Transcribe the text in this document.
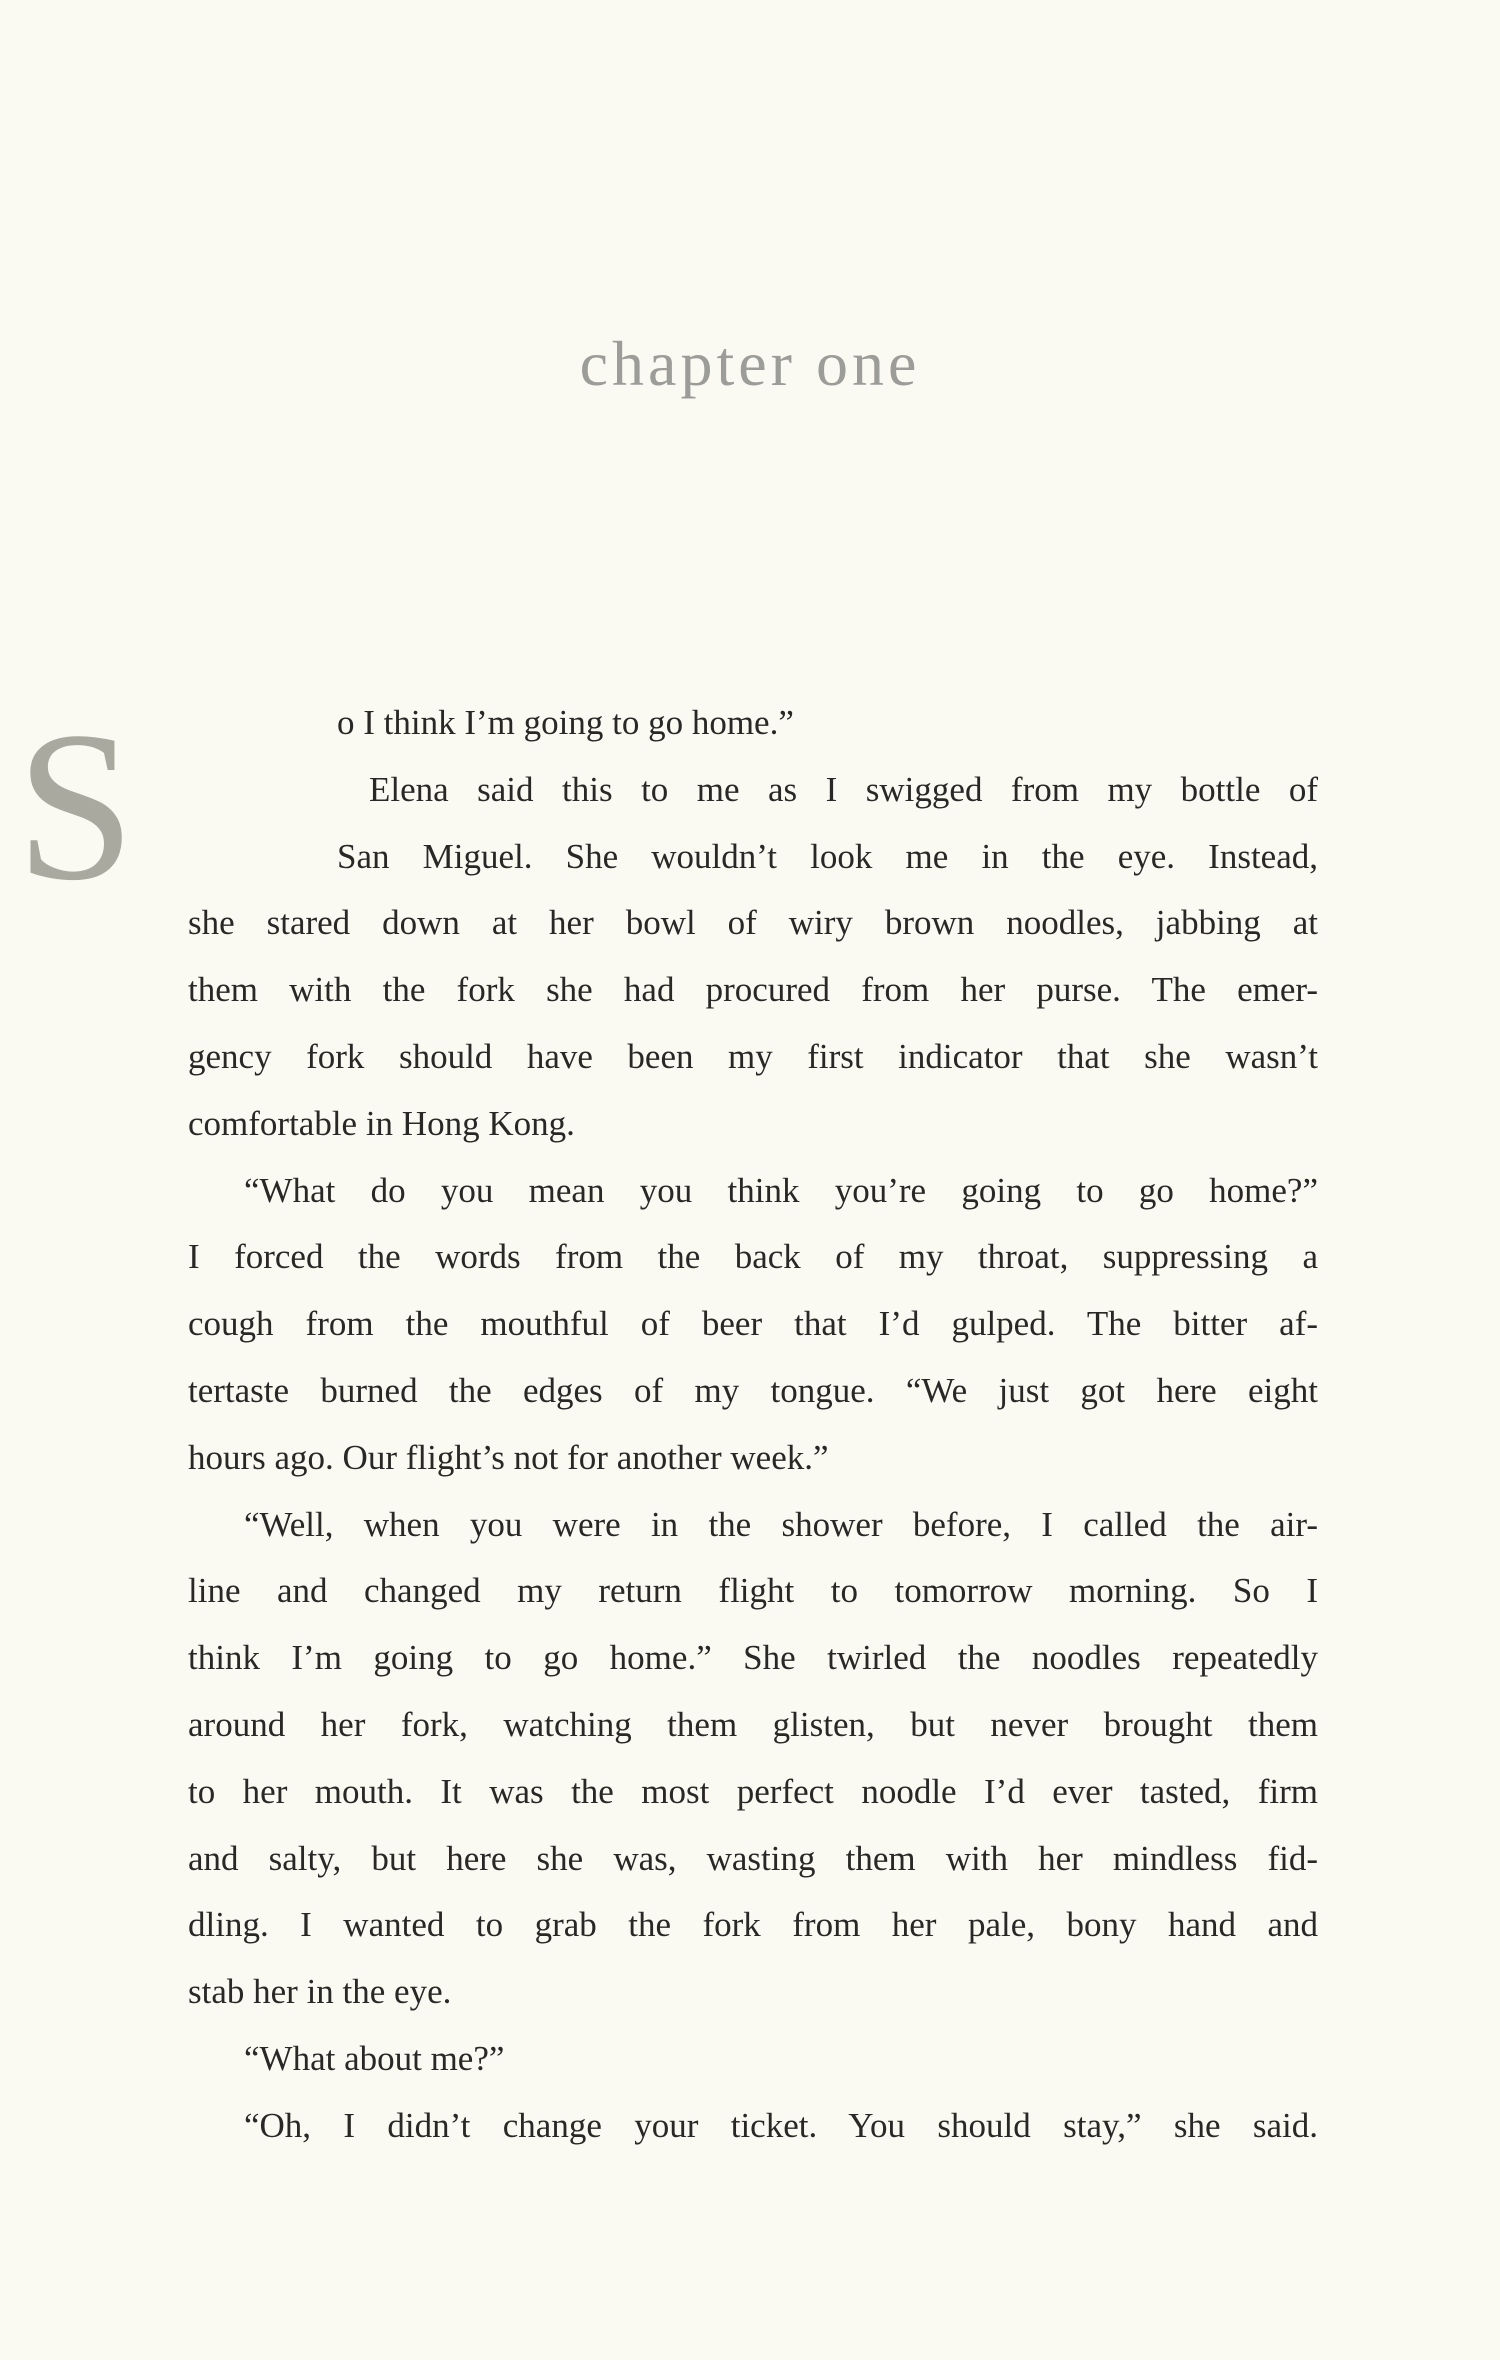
chapter one
S	o I think I’m going to go home.”
Elena said this to me as I swigged from my bottle of
San Miguel. She wouldn’t look me in the eye. Instead,
she stared down at her bowl of wiry brown noodles, jabbing at
them with the fork she had procured from her purse. The emer-
gency fork should have been my first indicator that she wasn’t
comfortable in Hong Kong.
“What do you mean you think you’re going to go home?”
I forced the words from the back of my throat, suppressing a
cough from the mouthful of beer that I’d gulped. The bitter af-
tertaste burned the edges of my tongue. “We just got here eight
hours ago. Our flight’s not for another week.”
“Well, when you were in the shower before, I called the air-
line and changed my return flight to tomorrow morning. So I
think I’m going to go home.” She twirled the noodles repeatedly
around her fork, watching them glisten, but never brought them
to her mouth. It was the most perfect noodle I’d ever tasted, firm
and salty, but here she was, wasting them with her mindless fid-
dling. I wanted to grab the fork from her pale, bony hand and
stab her in the eye.
“What about me?”
“Oh, I didn’t change your ticket. You should stay,” she said.
